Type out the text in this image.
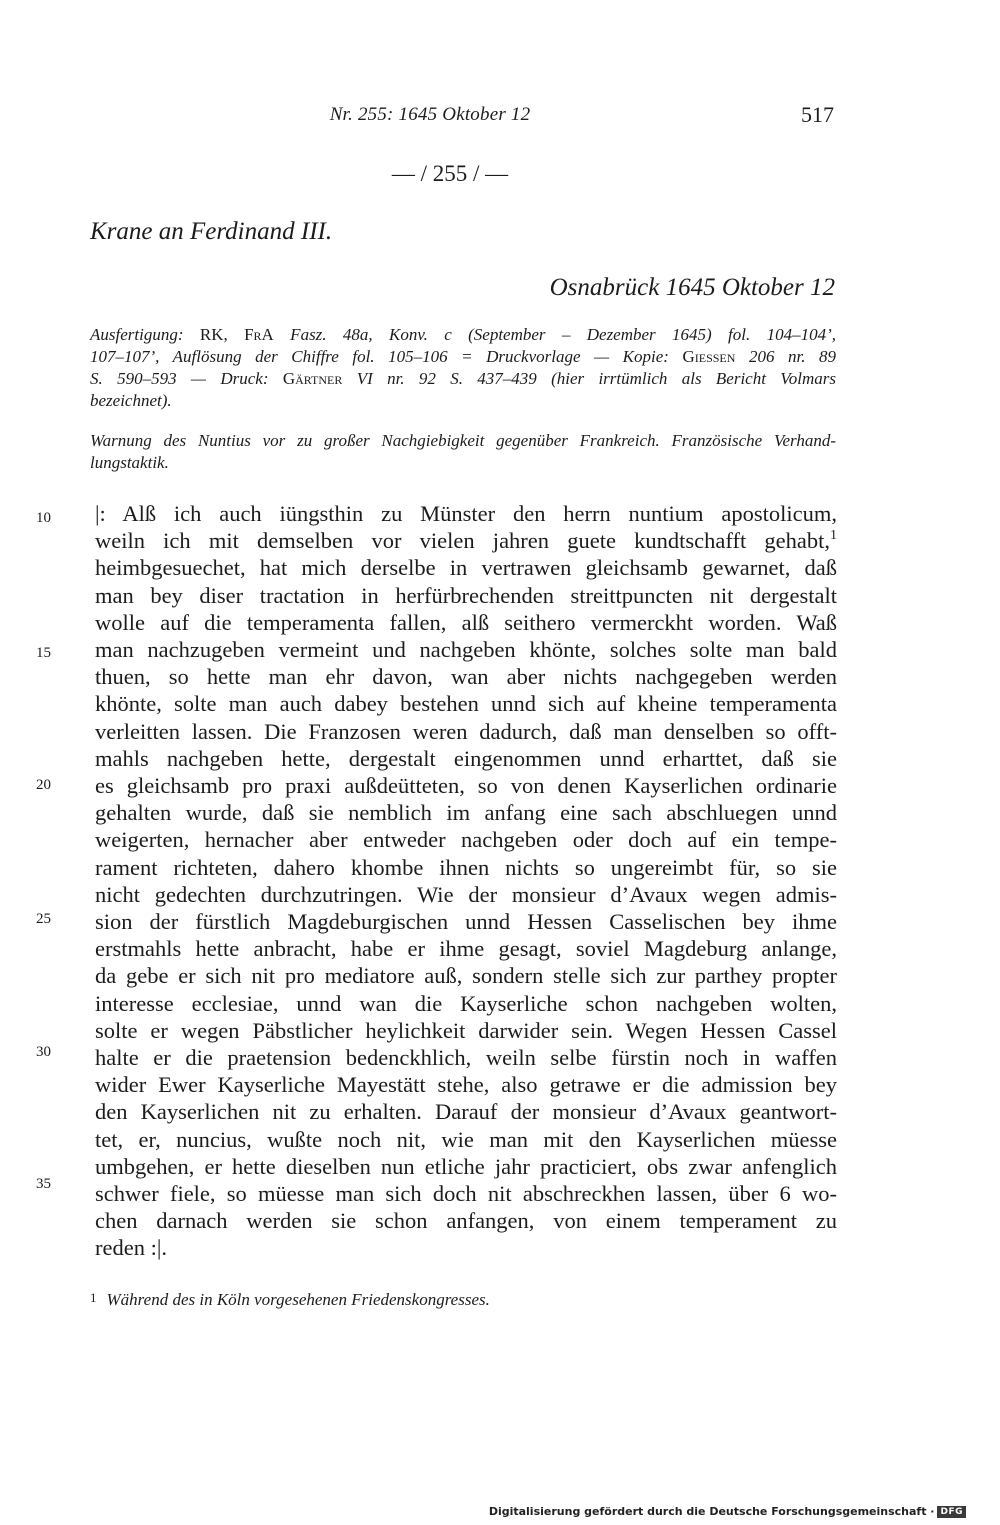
Nr. 255: 1645 Oktober 12	517
— / 255 / —
Krane an Ferdinand III.
Osnabrück 1645 Oktober 12
Ausfertigung: RK, FrA Fasz. 48a, Konv. c (September – Dezember 1645) fol. 104–104’,
107–107’, Auflösung der Chiffre fol. 105–106 = Druckvorlage — Kopie: Giessen 206 nr. 89
S. 590–593 — Druck: Gärtner VI nr. 92 S. 437–439 (hier irrtümlich als Bericht Volmars
bezeichnet).
Warnung des Nuntius vor zu großer Nachgiebigkeit gegenüber Frankreich. Französische Verhand-
lungstaktik.
10
15
20
25
30
35
|: Alß ich auch iüngsthin zu Münster den herrn nuntium apostolicum,
weiln ich mit demselben vor vielen jahren guete kundtschafft gehabt,$^1$
heimbgesuechet, hat mich derselbe in vertrawen gleichsamb gewarnet, daß
man bey diser tractation in herfürbrechenden streittpuncten nit dergestalt
wolle auf die temperamenta fallen, alß seithero vermerckht worden. Waß
man nachzugeben vermeint und nachgeben khönte, solches solte man bald
thuen, so hette man ehr davon, wan aber nichts nachgegeben werden
khönte, solte man auch dabey bestehen unnd sich auf kheine temperamenta
verleitten lassen. Die Franzosen weren dadurch, daß man denselben so offt-
mahls nachgeben hette, dergestalt eingenommen unnd erharttet, daß sie
es gleichsamb pro praxi außdeütteten, so von denen Kayserlichen ordinarie
gehalten wurde, daß sie nemblich im anfang eine sach abschluegen unnd
weigerten, hernacher aber entweder nachgeben oder doch auf ein tempe-
rament richteten, dahero khombe ihnen nichts so ungereimbt für, so sie
nicht gedechten durchzutringen. Wie der monsieur d’Avaux wegen admis-
sion der fürstlich Magdeburgischen unnd Hessen Casselischen bey ihme
erstmahls hette anbracht, habe er ihme gesagt, soviel Magdeburg anlange,
da gebe er sich nit pro mediatore auß, sondern stelle sich zur parthey propter
interesse ecclesiae, unnd wan die Kayserliche schon nachgeben wolten,
solte er wegen Päbstlicher heylichkeit darwider sein. Wegen Hessen Cassel
halte er die praetension bedenckhlich, weiln selbe fürstin noch in waffen
wider Ewer Kayserliche Mayestätt stehe, also getrawe er die admission bey
den Kayserlichen nit zu erhalten. Darauf der monsieur d’Avaux geantwort-
tet, er, nuncius, wußte noch nit, wie man mit den Kayserlichen müesse
umbgehen, er hette dieselben nun etliche jahr practiciert, obs zwar anfenglich
schwer fiele, so müesse man sich doch nit abschreckhen lassen, über 6 wo-
chen darnach werden sie schon anfangen, von einem temperament zu
reden :|.
1 Während des in Köln vorgesehenen Friedenskongresses.
Digitalisierung gefördert durch die Deutsche Forschungsgemeinschaft · DFG
